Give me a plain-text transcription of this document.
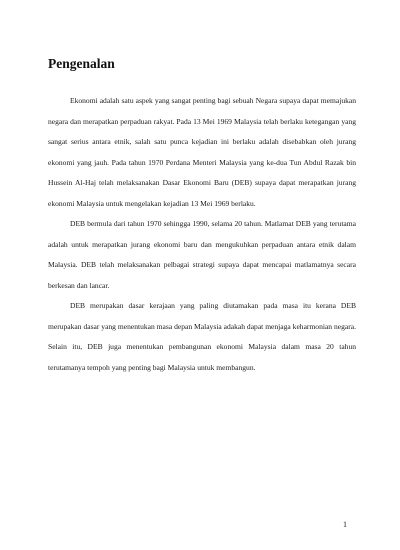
Pengenalan

Ekonomi adalah satu aspek yang sangat penting bagi sebuah Negara supaya dapat memajukan negara dan merapatkan perpaduan rakyat. Pada 13 Mei 1969 Malaysia telah berlaku ketegangan yang sangat serius antara etnik, salah satu punca kejadian ini berlaku adalah disebabkan oleh jurang ekonomi yang jauh. Pada tahun 1970 Perdana Menteri Malaysia yang ke-dua Tun Abdul Razak bin Hussein Al-Haj telah melaksanakan Dasar Ekonomi Baru (DEB) supaya dapat merapatkan jurang ekonomi Malaysia untuk mengelakan kejadian 13 Mei 1969 berlaku.

DEB bermula dari tahun 1970 sehingga 1990, selama 20 tahun. Matlamat DEB yang terutama adalah untuk merapatkan jurang ekonomi baru dan mengukuhkan perpaduan antara etnik dalam Malaysia. DEB telah melaksanakan pelbagai strategi supaya dapat mencapai matlamatnya secara berkesan dan lancar.

DEB merupakan dasar kerajaan yang paling diutamakan pada masa itu kerana DEB merupakan dasar yang menentukan masa depan Malaysia adakah dapat menjaga keharmonian negara. Selain itu, DEB juga menentukan pembangunan ekonomi Malaysia dalam masa 20 tahun terutamanya tempoh yang penting bagi Malaysia untuk membangun.

1
